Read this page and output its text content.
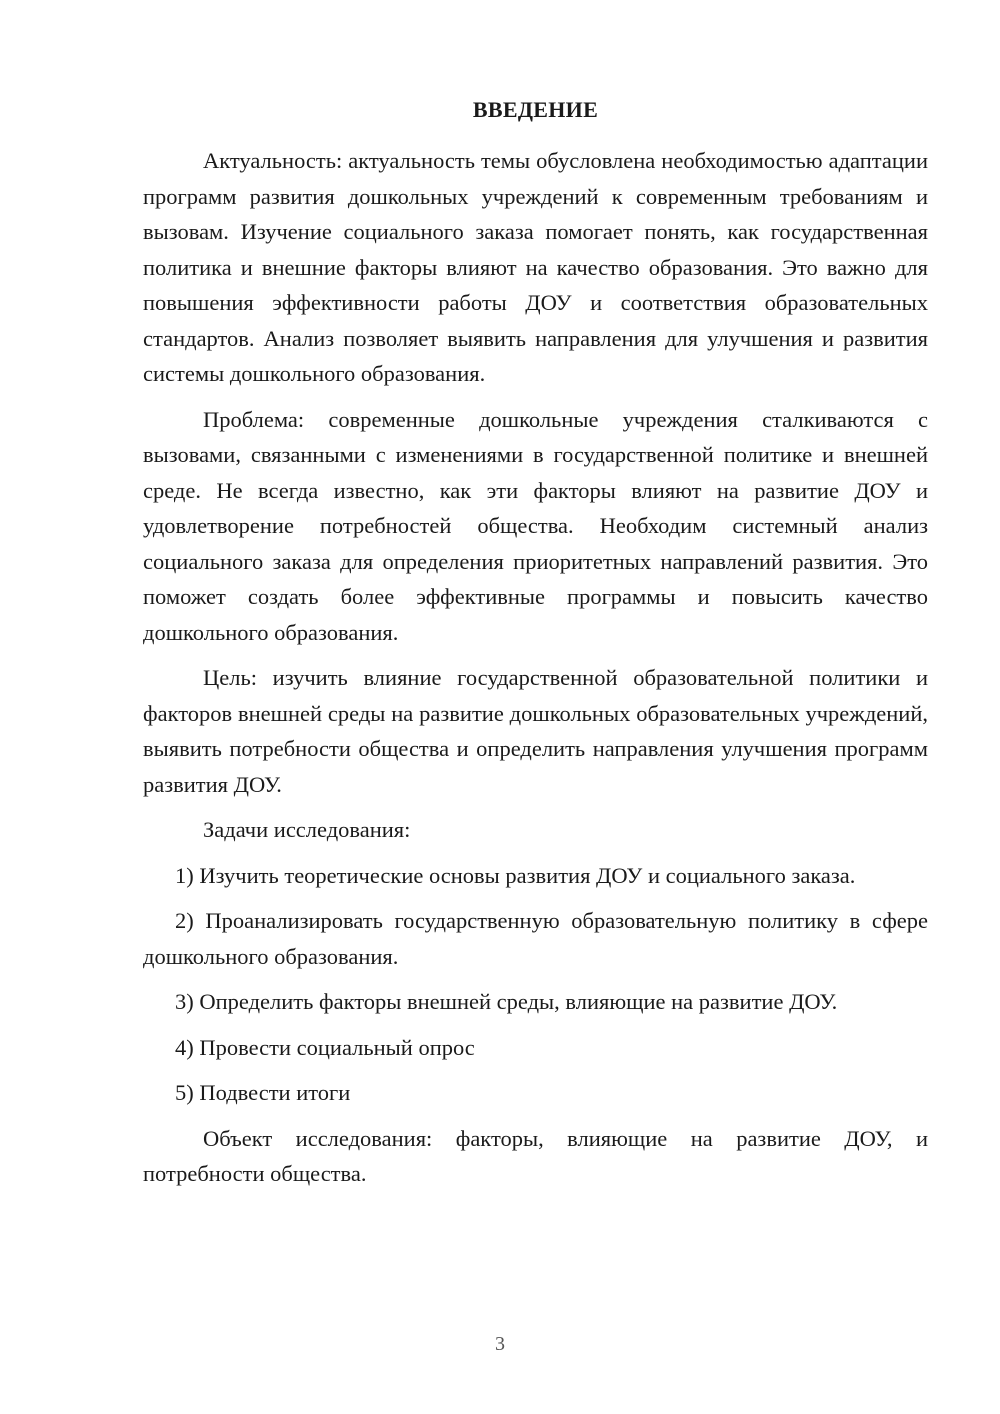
ВВЕДЕНИЕ

Актуальность: актуальность темы обусловлена необходимостью адаптации программ развития дошкольных учреждений к современным требованиям и вызовам. Изучение социального заказа помогает понять, как государственная политика и внешние факторы влияют на качество образования. Это важно для повышения эффективности работы ДОУ и соответствия образовательных стандартов. Анализ позволяет выявить направления для улучшения и развития системы дошкольного образования.

Проблема: современные дошкольные учреждения сталкиваются с вызовами, связанными с изменениями в государственной политике и внешней среде. Не всегда известно, как эти факторы влияют на развитие ДОУ и удовлетворение потребностей общества. Необходим системный анализ социального заказа для определения приоритетных направлений развития. Это поможет создать более эффективные программы и повысить качество дошкольного образования.

Цель: изучить влияние государственной образовательной политики и факторов внешней среды на развитие дошкольных образовательных учреждений, выявить потребности общества и определить направления улучшения программ развития ДОУ.

Задачи исследования:

1) Изучить теоретические основы развития ДОУ и социального заказа.

2) Проанализировать государственную образовательную политику в сфере дошкольного образования.

3) Определить факторы внешней среды, влияющие на развитие ДОУ.

4) Провести социальный опрос

5) Подвести итоги

Объект исследования: факторы, влияющие на развитие ДОУ, и потребности общества.

3
